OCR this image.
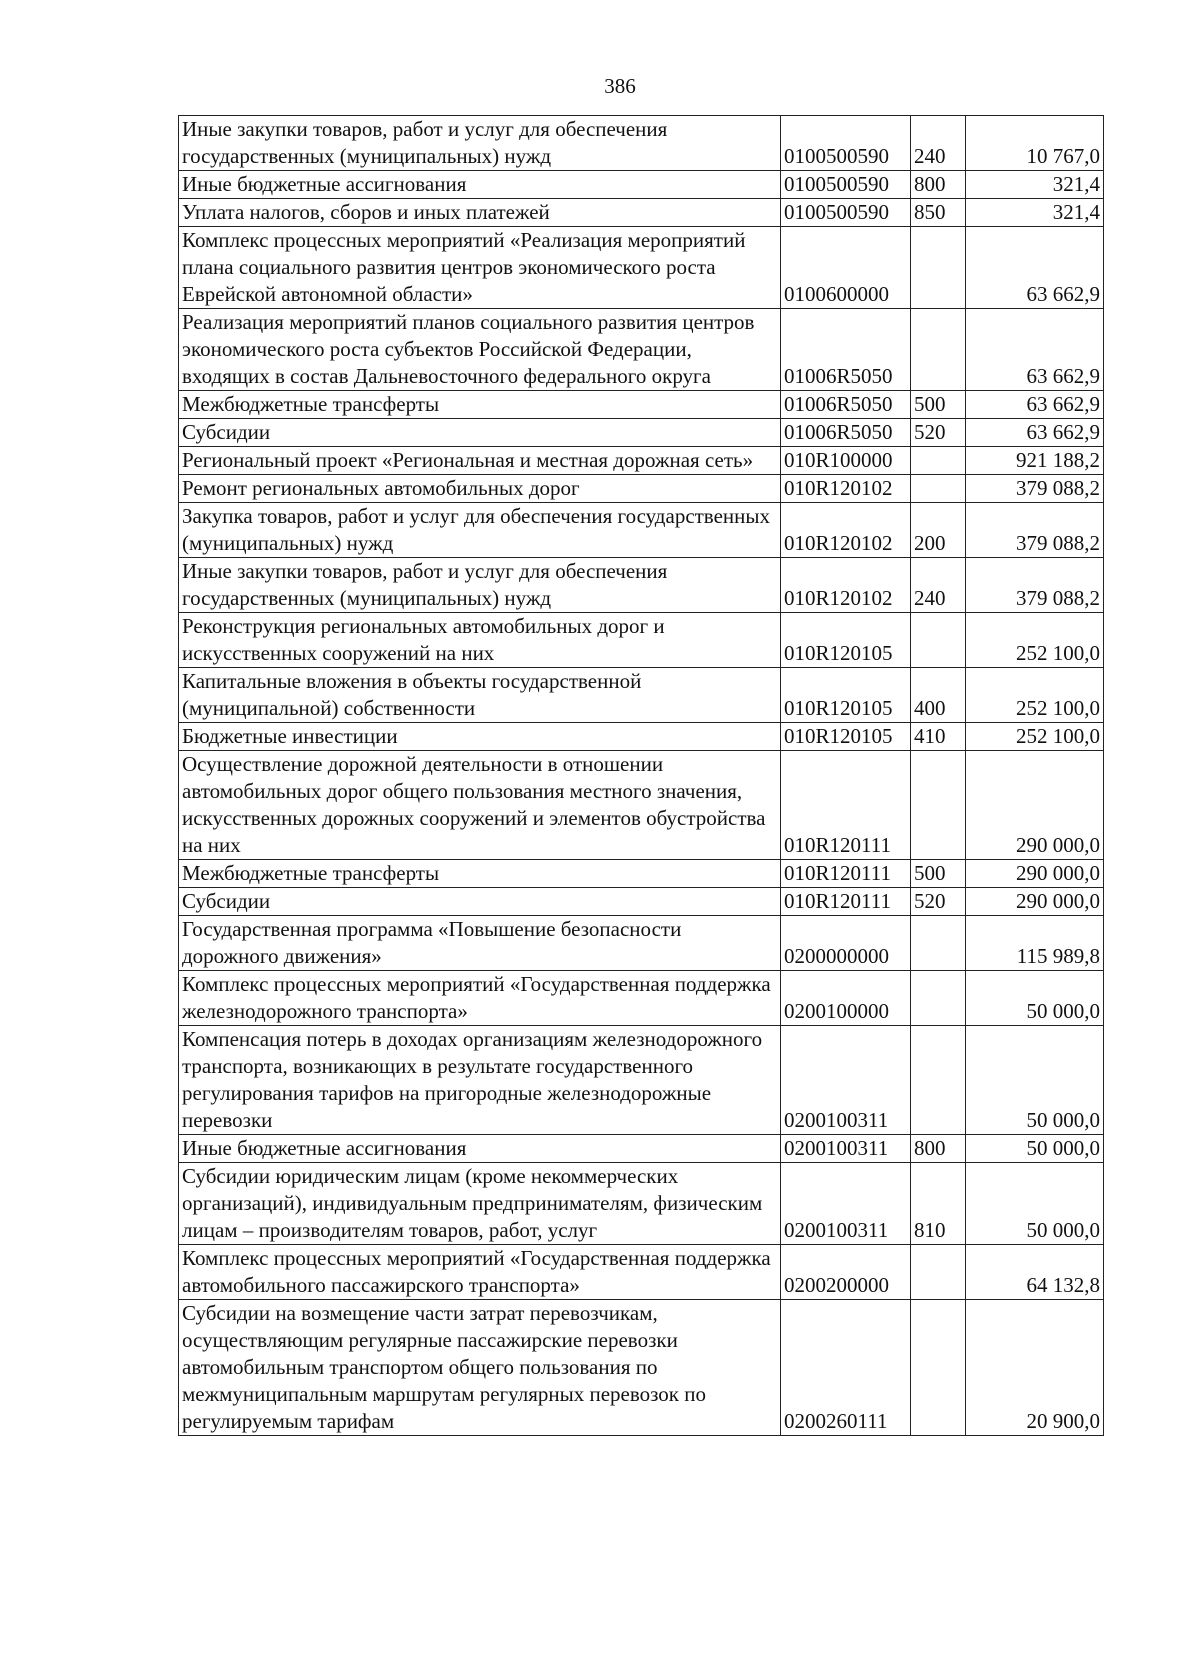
386
Иные закупки товаров, работ и услуг для обеспечения государственных (муниципальных) нужд	0100500590	240	10 767,0
Иные бюджетные ассигнования	0100500590	800	321,4
Уплата налогов, сборов и иных платежей	0100500590	850	321,4
Комплекс процессных мероприятий «Реализация мероприятий плана социального развития центров экономического роста Еврейской автономной области»	0100600000		63 662,9
Реализация мероприятий планов социального развития центров экономического роста субъектов Российской Федерации, входящих в состав Дальневосточного федерального округа	01006R5050		63 662,9
Межбюджетные трансферты	01006R5050	500	63 662,9
Субсидии	01006R5050	520	63 662,9
Региональный проект «Региональная и местная дорожная сеть»	010R100000		921 188,2
Ремонт региональных автомобильных дорог	010R120102		379 088,2
Закупка товаров, работ и услуг для обеспечения государственных (муниципальных) нужд	010R120102	200	379 088,2
Иные закупки товаров, работ и услуг для обеспечения государственных (муниципальных) нужд	010R120102	240	379 088,2
Реконструкция региональных автомобильных дорог и искусственных сооружений на них	010R120105		252 100,0
Капитальные вложения в объекты государственной (муниципальной) собственности	010R120105	400	252 100,0
Бюджетные инвестиции	010R120105	410	252 100,0
Осуществление дорожной деятельности в отношении автомобильных дорог общего пользования местного значения, искусственных дорожных сооружений и элементов обустройства на них	010R120111		290 000,0
Межбюджетные трансферты	010R120111	500	290 000,0
Субсидии	010R120111	520	290 000,0
Государственная программа «Повышение безопасности дорожного движения»	0200000000		115 989,8
Комплекс процессных мероприятий «Государственная поддержка железнодорожного транспорта»	0200100000		50 000,0
Компенсация потерь в доходах организациям железнодорожного транспорта, возникающих в результате государственного регулирования тарифов на пригородные железнодорожные перевозки	0200100311		50 000,0
Иные бюджетные ассигнования	0200100311	800	50 000,0
Субсидии юридическим лицам (кроме некоммерческих организаций), индивидуальным предпринимателям, физическим лицам – производителям товаров, работ, услуг	0200100311	810	50 000,0
Комплекс процессных мероприятий «Государственная поддержка автомобильного пассажирского транспорта»	0200200000		64 132,8
Субсидии на возмещение части затрат перевозчикам, осуществляющим регулярные пассажирские перевозки автомобильным транспортом общего пользования по межмуниципальным маршрутам регулярных перевозок по регулируемым тарифам	0200260111		20 900,0
